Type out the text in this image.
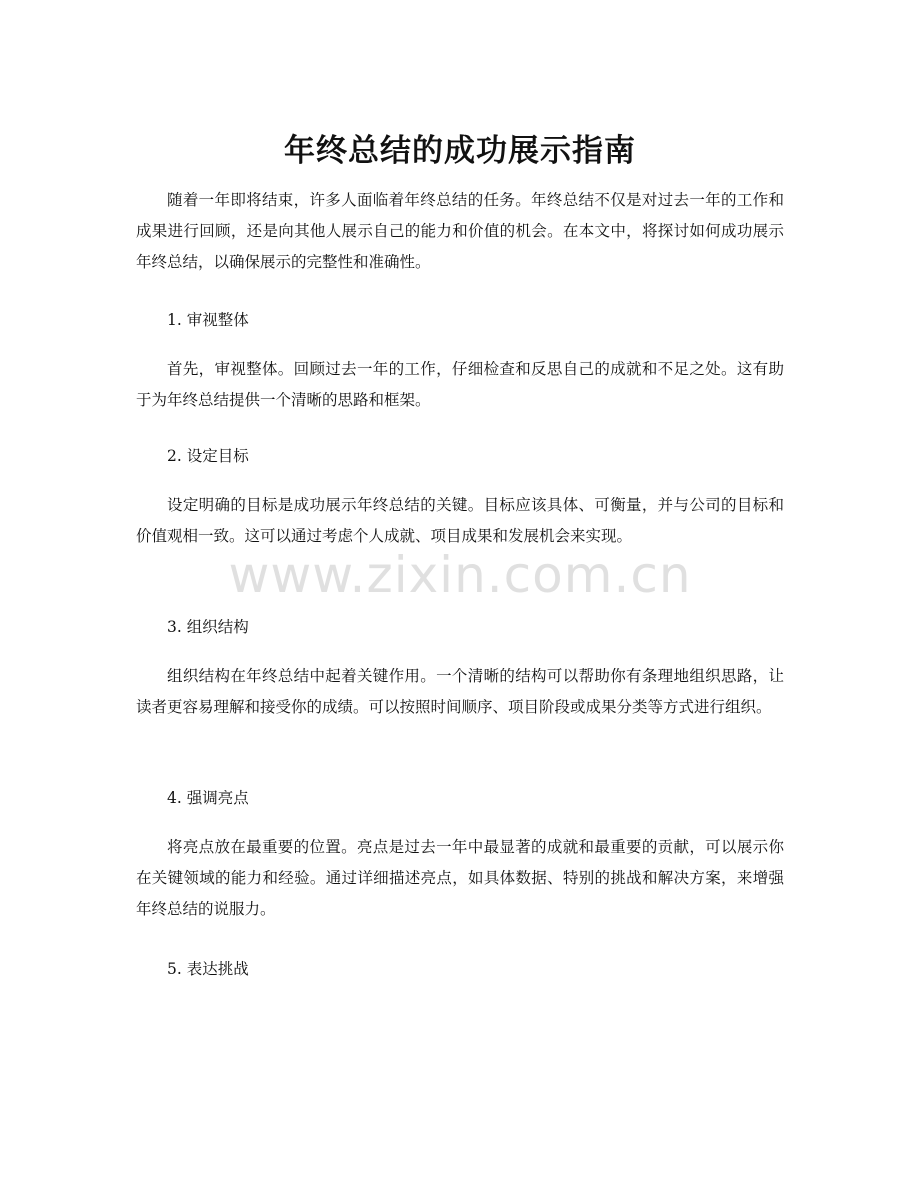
年终总结的成功展示指南

随着一年即将结束，许多人面临着年终总结的任务。年终总结不仅是对过去一年的工作和成果进行回顾，还是向其他人展示自己的能力和价值的机会。在本文中，将探讨如何成功展示年终总结，以确保展示的完整性和准确性。

1. 审视整体

首先，审视整体。回顾过去一年的工作，仔细检查和反思自己的成就和不足之处。这有助于为年终总结提供一个清晰的思路和框架。

2. 设定目标

设定明确的目标是成功展示年终总结的关键。目标应该具体、可衡量，并与公司的目标和价值观相一致。这可以通过考虑个人成就、项目成果和发展机会来实现。

3. 组织结构

组织结构在年终总结中起着关键作用。一个清晰的结构可以帮助你有条理地组织思路，让读者更容易理解和接受你的成绩。可以按照时间顺序、项目阶段或成果分类等方式进行组织。

4. 强调亮点

将亮点放在最重要的位置。亮点是过去一年中最显著的成就和最重要的贡献，可以展示你在关键领域的能力和经验。通过详细描述亮点，如具体数据、特别的挑战和解决方案，来增强年终总结的说服力。

5. 表达挑战

www.zixin.com.cn
